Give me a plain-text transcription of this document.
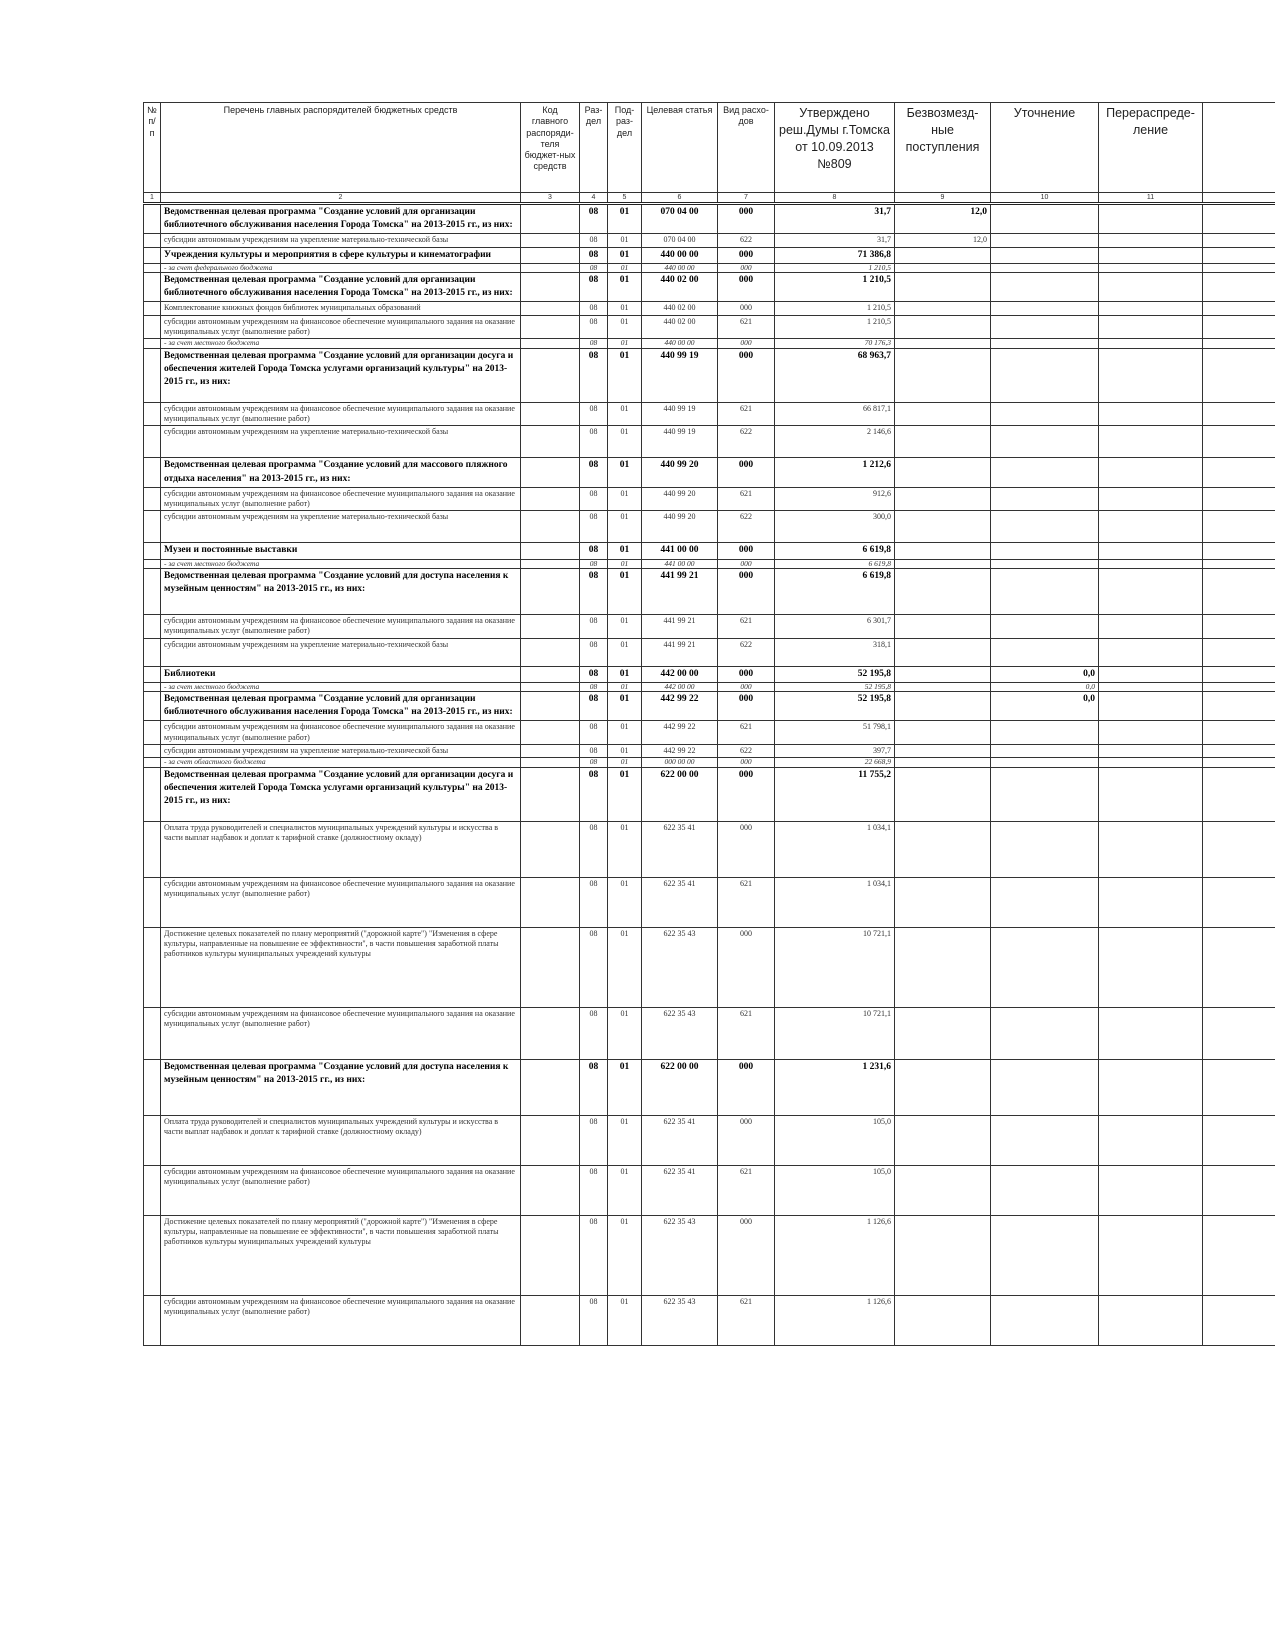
№ п/п	Перечень главных распорядителей бюджетных средств	Код главного распоряди-теля бюджет-ных средств	Раз-дел	Под-раз-дел	Целевая статья	Вид расхо-дов	Утверждено реш.Думы г.Томска от 10.09.2013 №809	Безвозмезд-ные поступления	Уточнение	Перераспреде-ление	
1	2	3	4	5	6	7	8	9	10	11	
	Ведомственная целевая программа "Создание условий для организации библиотечного обслуживания населения Города Томска" на 2013-2015 гг., из них:		08	01	070 04 00	000	31,7	12,0			
	субсидии автономным учреждениям на укрепление материально-технической базы		08	01	070 04 00	622	31,7	12,0			
	Учреждения культуры и мероприятия в сфере культуры и кинематографии		08	01	440 00 00	000	71 386,8				
	- за счет федерального бюджета		08	01	440 00 00	000	1 210,5				
	Ведомственная целевая программа "Создание условий для организации библиотечного обслуживания населения Города Томска" на 2013-2015 гг., из них:		08	01	440 02 00	000	1 210,5				
	Комплектование книжных фондов библиотек муниципальных образований		08	01	440 02 00	000	1 210,5				
	субсидии автономным учреждениям на финансовое обеспечение муниципального задания на оказание муниципальных услуг (выполнение работ)		08	01	440 02 00	621	1 210,5				
	- за счет местного бюджета		08	01	440 00 00	000	70 176,3				
	Ведомственная целевая программа "Создание условий для организации досуга и обеспечения жителей Города Томска услугами организаций культуры" на 2013-2015 гг., из них:		08	01	440 99 19	000	68 963,7				
	субсидии автономным учреждениям на финансовое обеспечение муниципального задания на оказание муниципальных услуг (выполнение работ)		08	01	440 99 19	621	66 817,1				
	субсидии автономным учреждениям на укрепление материально-технической базы		08	01	440 99 19	622	2 146,6				
	Ведомственная целевая программа "Создание условий для массового пляжного отдыха населения" на 2013-2015 гг., из них:		08	01	440 99 20	000	1 212,6				
	субсидии автономным учреждениям на финансовое обеспечение муниципального задания на оказание муниципальных услуг (выполнение работ)		08	01	440 99 20	621	912,6				
	субсидии автономным учреждениям на укрепление материально-технической базы		08	01	440 99 20	622	300,0				
	Музеи и постоянные выставки		08	01	441 00 00	000	6 619,8				
	- за счет местного бюджета		08	01	441 00 00	000	6 619,8				
	Ведомственная целевая программа "Создание условий для доступа населения к музейным ценностям" на 2013-2015 гг., из них:		08	01	441 99 21	000	6 619,8				
	субсидии автономным учреждениям на финансовое обеспечение муниципального задания на оказание муниципальных услуг (выполнение работ)		08	01	441 99 21	621	6 301,7				
	субсидии автономным учреждениям на укрепление материально-технической базы		08	01	441 99 21	622	318,1				
	Библиотеки		08	01	442 00 00	000	52 195,8		0,0		
	- за счет местного бюджета		08	01	442 00 00	000	52 195,8		0,0		
	Ведомственная целевая программа "Создание условий для организации библиотечного обслуживания населения Города Томска" на 2013-2015 гг., из них:		08	01	442 99 22	000	52 195,8		0,0		
	субсидии автономным учреждениям на финансовое обеспечение муниципального задания на оказание муниципальных услуг (выполнение работ)		08	01	442 99 22	621	51 798,1				
	субсидии автономным учреждениям на укрепление материально-технической базы		08	01	442 99 22	622	397,7				
	- за счет областного бюджета		08	01	000 00 00	000	22 668,9				
	Ведомственная целевая программа "Создание условий для организации досуга и обеспечения жителей Города Томска услугами организаций культуры" на 2013-2015 гг., из них:		08	01	622 00 00	000	11 755,2				
	Оплата труда руководителей и специалистов муниципальных учреждений культуры и искусства в части выплат надбавок и доплат к тарифной ставке (должностному окладу)		08	01	622 35 41	000	1 034,1				
	субсидии автономным учреждениям на финансовое обеспечение муниципального задания на оказание муниципальных услуг (выполнение работ)		08	01	622 35 41	621	1 034,1				
	Достижение целевых показателей по плану мероприятий ("дорожной карте") "Изменения в сфере культуры, направленные на повышение ее эффективности", в части повышения заработной платы работников культуры муниципальных учреждений культуры		08	01	622 35 43	000	10 721,1				
	субсидии автономным учреждениям на финансовое обеспечение муниципального задания на оказание муниципальных услуг (выполнение работ)		08	01	622 35 43	621	10 721,1				
	Ведомственная целевая программа "Создание условий для доступа населения к музейным ценностям" на 2013-2015 гг., из них:		08	01	622 00 00	000	1 231,6				
	Оплата труда руководителей и специалистов муниципальных учреждений культуры и искусства в части выплат надбавок и доплат к тарифной ставке (должностному окладу)		08	01	622 35 41	000	105,0				
	субсидии автономным учреждениям на финансовое обеспечение муниципального задания на оказание муниципальных услуг (выполнение работ)		08	01	622 35 41	621	105,0				
	Достижение целевых показателей по плану мероприятий ("дорожной карте") "Изменения в сфере культуры, направленные на повышение ее эффективности", в части повышения заработной платы работников культуры муниципальных учреждений культуры		08	01	622 35 43	000	1 126,6				
	субсидии автономным учреждениям на финансовое обеспечение муниципального задания на оказание муниципальных услуг (выполнение работ)		08	01	622 35 43	621	1 126,6				
